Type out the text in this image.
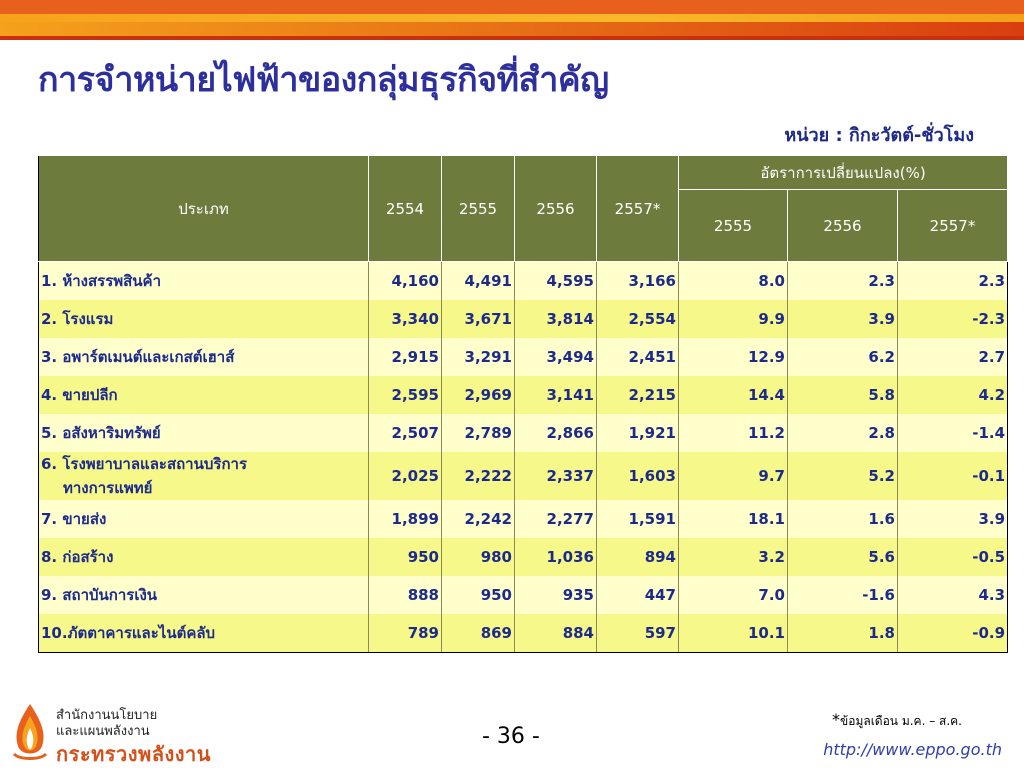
การจำหน่ายไฟฟ้าของกลุ่มธุรกิจที่สำคัญ
หน่วย : กิกะวัตต์-ชั่วโมง
ประเภท	2554	2555	2556	2557*	อัตราการเปลี่ยนแปลง(%)		
					2555	2556	2557*

1. ห้างสรรพสินค้า	4,160	4,491	4,595	3,166	8.0	2.3	2.3

2. โรงแรม	3,340	3,671	3,814	2,554	9.9	3.9	-2.3

3. อพาร์ตเมนต์และเกสต์เฮาส์	2,915	3,291	3,494	2,451	12.9	6.2	2.7

4. ขายปลีก	2,595	2,969	3,141	2,215	14.4	5.8	4.2

5. อสังหาริมทรัพย์	2,507	2,789	2,866	1,921	11.2	2.8	-1.4

6. โรงพยาบาลและสถานบริการ
ทางการแพทย์	2,025	2,222	2,337	1,603	9.7	5.2	-0.1

7. ขายส่ง	1,899	2,242	2,277	1,591	18.1	1.6	3.9

8. ก่อสร้าง	950	980	1,036	894	3.2	5.6	-0.5

9. สถาบันการเงิน	888	950	935	447	7.0	-1.6	4.3

10.ภัตตาคารและไนต์คลับ	789	869	884	597	10.1	1.8	-0.9
สำนักงานนโยบาย
และแผนพลังงาน
กระทรวงพลังงาน
- 36 -
*ข้อมูลเดือน ม.ค. – ส.ค.
http://www.eppo.go.th
